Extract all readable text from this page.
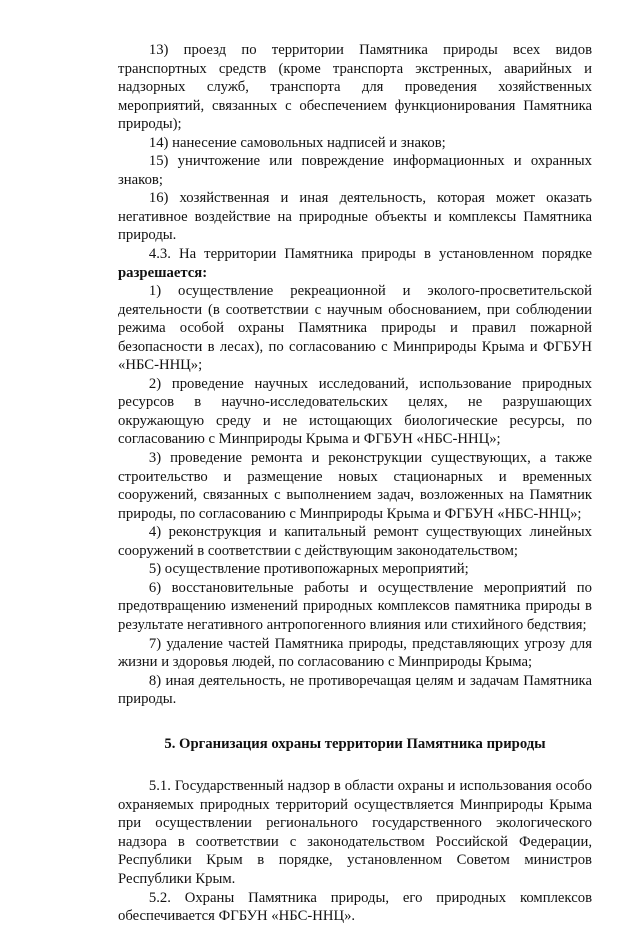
13) проезд по территории Памятника природы всех видов транспортных средств (кроме транспорта экстренных, аварийных и надзорных служб, транспорта для проведения хозяйственных мероприятий, связанных с обеспечением функционирования Памятника природы);

14) нанесение самовольных надписей и знаков;

15) уничтожение или повреждение информационных и охранных знаков;

16) хозяйственная и иная деятельность, которая может оказать негативное воздействие на природные объекты и комплексы Памятника природы.

4.3. На территории Памятника природы в установленном порядке разрешается:

1) осуществление рекреационной и эколого-просветительской деятельности (в соответствии с научным обоснованием, при соблюдении режима особой охраны Памятника природы и правил пожарной безопасности в лесах), по согласованию с Минприроды Крыма и ФГБУН «НБС-ННЦ»;

2) проведение научных исследований, использование природных ресурсов в научно-исследовательских целях, не разрушающих окружающую среду и не истощающих биологические ресурсы, по согласованию с Минприроды Крыма и ФГБУН «НБС-ННЦ»;

3) проведение ремонта и реконструкции существующих, а также строительство и размещение новых стационарных и временных сооружений, связанных с выполнением задач, возложенных на Памятник природы, по согласованию с Минприроды Крыма и ФГБУН «НБС-ННЦ»;

4) реконструкция и капитальный ремонт существующих линейных сооружений в соответствии с действующим законодательством;

5) осуществление противопожарных мероприятий;

6) восстановительные работы и осуществление мероприятий по предотвращению изменений природных комплексов памятника природы в результате негативного антропогенного влияния или стихийного бедствия;

7) удаление частей Памятника природы, представляющих угрозу для жизни и здоровья людей, по согласованию с Минприроды Крыма;

8) иная деятельность, не противоречащая целям и задачам Памятника природы.

5. Организация охраны территории Памятника природы

5.1. Государственный надзор в области охраны и использования особо охраняемых природных территорий осуществляется Минприроды Крыма при осуществлении регионального государственного экологического надзора в соответствии с законодательством Российской Федерации, Республики Крым в порядке, установленном Советом министров Республики Крым.

5.2. Охраны Памятника природы, его природных комплексов обеспечивается ФГБУН «НБС-ННЦ».
